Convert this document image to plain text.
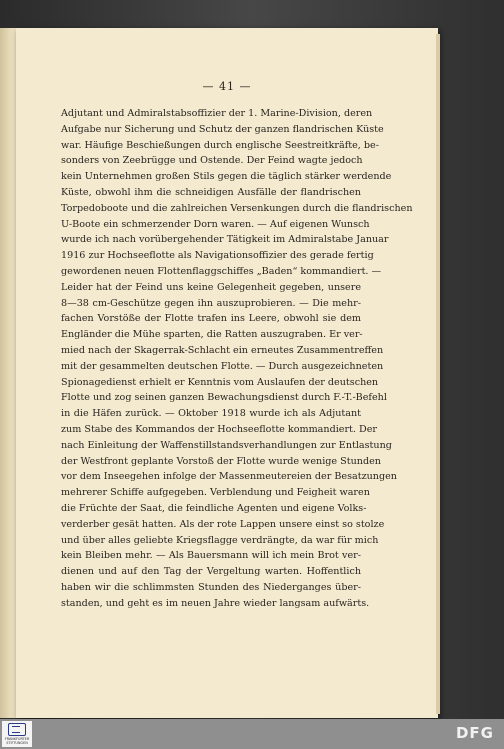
— 41 —
Adjutant und Admiralstabsoffizier der 1. Marine-Division, deren
Aufgabe nur Sicherung und Schutz der ganzen flandrischen Küste
war. Häufige Beschießungen durch englische Seestreitkräfte, be-
sonders von Zeebrügge und Ostende. Der Feind wagte jedoch
kein Unternehmen großen Stils gegen die täglich stärker werdende
Küste, obwohl ihm die schneidigen Ausfälle der flandrischen
Torpedoboote und die zahlreichen Versenkungen durch die flandrischen
U-Boote ein schmerzender Dorn waren. — Auf eigenen Wunsch
wurde ich nach vorübergehender Tätigkeit im Admiralstabe Januar
1916 zur Hochseeflotte als Navigationsoffizier des gerade fertig
gewordenen neuen Flottenflaggschiffes „Baden“ kommandiert. —
Leider hat der Feind uns keine Gelegenheit gegeben, unsere
8—38 cm-Geschütze gegen ihn auszuprobieren. — Die mehr-
fachen Vorstöße der Flotte trafen ins Leere, obwohl sie dem
Engländer die Mühe sparten, die Ratten auszugraben. Er ver-
mied nach der Skagerrak-Schlacht ein erneutes Zusammentreffen
mit der gesammelten deutschen Flotte. — Durch ausgezeichneten
Spionagedienst erhielt er Kenntnis vom Auslaufen der deutschen
Flotte und zog seinen ganzen Bewachungsdienst durch F.-T.-Befehl
in die Häfen zurück. — Oktober 1918 wurde ich als Adjutant
zum Stabe des Kommandos der Hochseeflotte kommandiert. Der
nach Einleitung der Waffenstillstandsverhandlungen zur Entlastung
der Westfront geplante Vorstoß der Flotte wurde wenige Stunden
vor dem Inseegehen infolge der Massenmeutereien der Besatzungen
mehrerer Schiffe aufgegeben. Verblendung und Feigheit waren
die Früchte der Saat, die feindliche Agenten und eigene Volks-
verderber gesät hatten. Als der rote Lappen unsere einst so stolze
und über alles geliebte Kriegsflagge verdrängte, da war für mich
kein Bleiben mehr. — Als Bauersmann will ich mein Brot ver-
dienen und auf den Tag der Vergeltung warten. Hoffentlich
haben wir die schlimmsten Stunden des Niederganges über-
standen, und geht es im neuen Jahre wieder langsam aufwärts.
FRANKFURTER STIFTUNGEN
DFG
